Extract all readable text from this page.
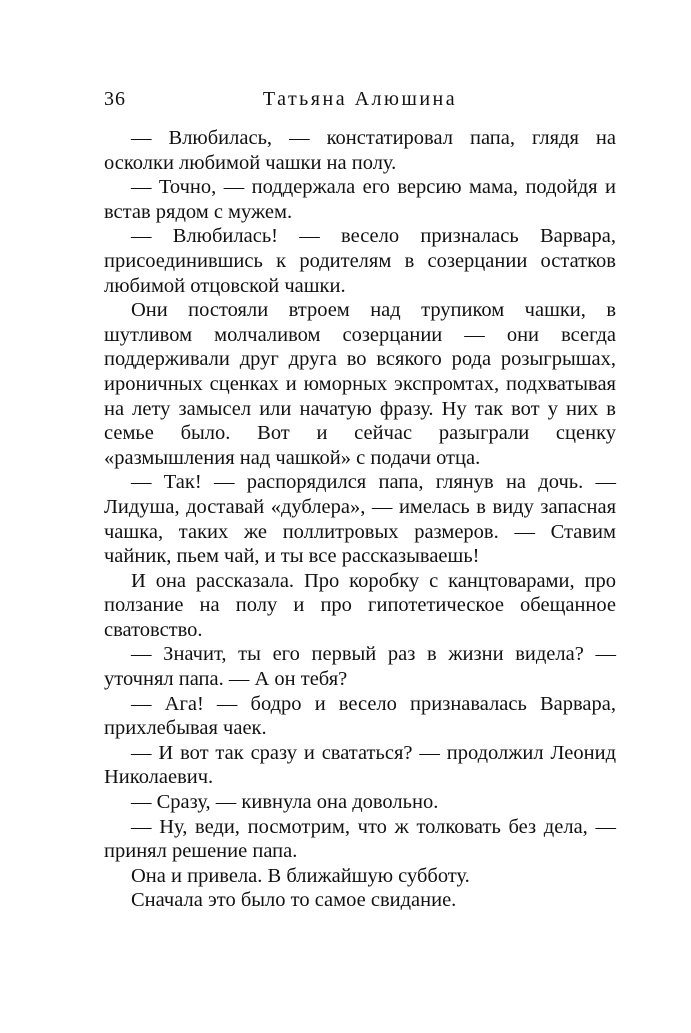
36	Татьяна Алюшина

— Влюбилась, — констатировал папа, глядя на осколки любимой чашки на полу.

— Точно, — поддержала его версию мама, подойдя и встав рядом с мужем.

— Влюбилась! — весело призналась Варвара, присоединившись к родителям в созерцании остатков любимой отцовской чашки.

Они постояли втроем над трупиком чашки, в шутливом молчаливом созерцании — они всегда поддерживали друг друга во всякого рода розыгрышах, ироничных сценках и юморных экспромтах, подхватывая на лету замысел или начатую фразу. Ну так вот у них в семье было. Вот и сейчас разыграли сценку «размышления над чашкой» с подачи отца.

— Так! — распорядился папа, глянув на дочь. — Лидуша, доставай «дублера», — имелась в виду запасная чашка, таких же поллитровых размеров. — Ставим чайник, пьем чай, и ты все рассказываешь!

И она рассказала. Про коробку с канцтоварами, про ползание на полу и про гипотетическое обещанное сватовство.

— Значит, ты его первый раз в жизни видела? — уточнял папа. — А он тебя?

— Ага! — бодро и весело признавалась Варвара, прихлебывая чаек.

— И вот так сразу и свататься? — продолжил Леонид Николаевич.

— Сразу, — кивнула она довольно.

— Ну, веди, посмотрим, что ж толковать без дела, — принял решение папа.

Она и привела. В ближайшую субботу.

Сначала это было то самое свидание.
